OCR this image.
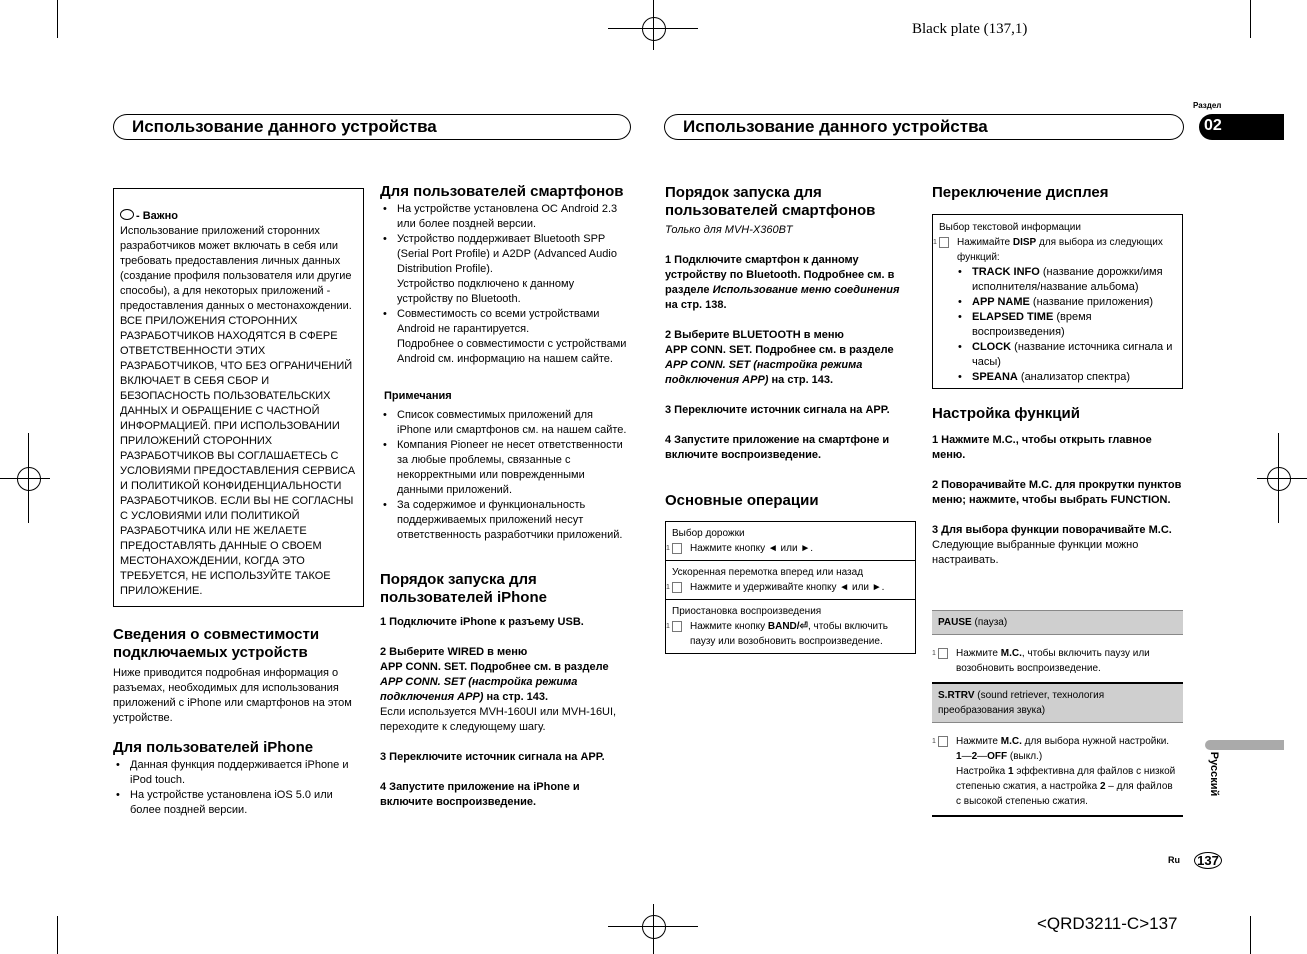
Black plate (137,1)
<QRD3211-C>137
Использование данного устройства	Использование данного устройства
Раздел
02
Русский
Ru 137

- Важно

Использование приложений сторонних разработчиков может включать в себя или требовать предоставления личных данных (создание профиля пользователя или другие способы), а для некоторых приложений - предоставления данных о местонахождении.
ВСЕ ПРИЛОЖЕНИЯ СТОРОННИХ РАЗРАБОТЧИКОВ НАХОДЯТСЯ В СФЕРЕ ОТВЕТСТВЕННОСТИ ЭТИХ РАЗРАБОТЧИКОВ, ЧТО БЕЗ ОГРАНИЧЕНИЙ ВКЛЮЧАЕТ В СЕБЯ СБОР И БЕЗОПАСНОСТЬ ПОЛЬЗОВАТЕЛЬСКИХ ДАННЫХ И ОБРАЩЕНИЕ С ЧАСТНОЙ ИНФОРМАЦИЕЙ. ПРИ ИСПОЛЬЗОВАНИИ ПРИЛОЖЕНИЙ СТОРОННИХ РАЗРАБОТЧИКОВ ВЫ СОГЛАШАЕТЕСЬ С УСЛОВИЯМИ ПРЕДОСТАВЛЕНИЯ СЕРВИСА И ПОЛИТИКОЙ КОНФИДЕНЦИАЛЬНОСТИ РАЗРАБОТЧИКОВ. ЕСЛИ ВЫ НЕ СОГЛАСНЫ С УСЛОВИЯМИ ИЛИ ПОЛИТИКОЙ РАЗРАБОТЧИКА ИЛИ НЕ ЖЕЛАЕТЕ ПРЕДОСТАВЛЯТЬ ДАННЫЕ О СВОЕМ МЕСТОНАХОЖДЕНИИ, КОГДА ЭТО ТРЕБУЕТСЯ, НЕ ИСПОЛЬЗУЙТЕ ТАКОЕ ПРИЛОЖЕНИЕ.
Сведения о совместимости подключаемых устройств
Ниже приводится подробная информация о разъемах, необходимых для использования приложений с iPhone или смартфонов на этом устройстве.
Для пользователей iPhone
• Данная функция поддерживается iPhone и iPod touch.
• На устройстве установлена iOS 5.0 или более поздней версии.
Для пользователей смартфонов
• На устройстве установлена ОС Android 2.3 или более поздней версии.
• Устройство поддерживает Bluetooth SPP (Serial Port Profile) и A2DP (Advanced Audio Distribution Profile).
Устройство подключено к данному устройству по Bluetooth.
• Совместимость со всеми устройствами Android не гарантируется.
Подробнее о совместимости с устройствами Android см. информацию на нашем сайте.
Примечания
• Список совместимых приложений для iPhone или смартфонов см. на нашем сайте.
• Компания Pioneer не несет ответственности за любые проблемы, связанные с некорректными или поврежденными данными приложений.
• За содержимое и функциональность поддерживаемых приложений несут ответственность разработчики приложений.
Порядок запуска для пользователей iPhone
1 Подключите iPhone к разъему USB.
2 Выберите WIRED в меню
APP CONN. SET. Подробнее см. в разделе APP CONN. SET (настройка режима подключения APP) на стр. 143.
Если используется MVH-160UI или MVH-16UI, переходите к следующему шагу.
3 Переключите источник сигнала на APP.
4 Запустите приложение на iPhone и включите воспроизведение.
Порядок запуска для пользователей смартфонов
Только для MVH-X360BT
1 Подключите смартфон к данному устройству по Bluetooth. Подробнее см. в разделе Использование меню соединения на стр. 138.
2 Выберите BLUETOOTH в меню
APP CONN. SET. Подробнее см. в разделе APP CONN. SET (настройка режима подключения APP) на стр. 143.
3 Переключите источник сигнала на APP.
4 Запустите приложение на смартфоне и включите воспроизведение.
Основные операции
Выбор дорожки
1 Нажмите кнопку ◄ или ►.
Ускоренная перемотка вперед или назад
1 Нажмите и удерживайте кнопку ◄ или ►.
Приостановка воспроизведения
1 Нажмите кнопку BAND/⏎, чтобы включить паузу или возобновить воспроизведение.
Переключение дисплея
Выбор текстовой информации
1 Нажимайте DISP для выбора из следующих функций:
• TRACK INFO (название дорожки/имя исполнителя/название альбома)
• APP NAME (название приложения)
• ELAPSED TIME (время воспроизведения)
• CLOCK (название источника сигнала и часы)
• SPEANA (анализатор спектра)
Настройка функций
1 Нажмите M.C., чтобы открыть главное меню.
2 Поворачивайте M.C. для прокрутки пунктов меню; нажмите, чтобы выбрать FUNCTION.
3 Для выбора функции поворачивайте M.C.
Следующие выбранные функции можно настраивать.
PAUSE (пауза)
1 Нажмите M.C., чтобы включить паузу или возобновить воспроизведение.
S.RTRV (sound retriever, технология преобразования звука)
1 Нажмите M.C. для выбора нужной настройки.
1—2—OFF (выкл.)
Настройка 1 эффективна для файлов с низкой степенью сжатия, а настройка 2 – для файлов с высокой степенью сжатия.
